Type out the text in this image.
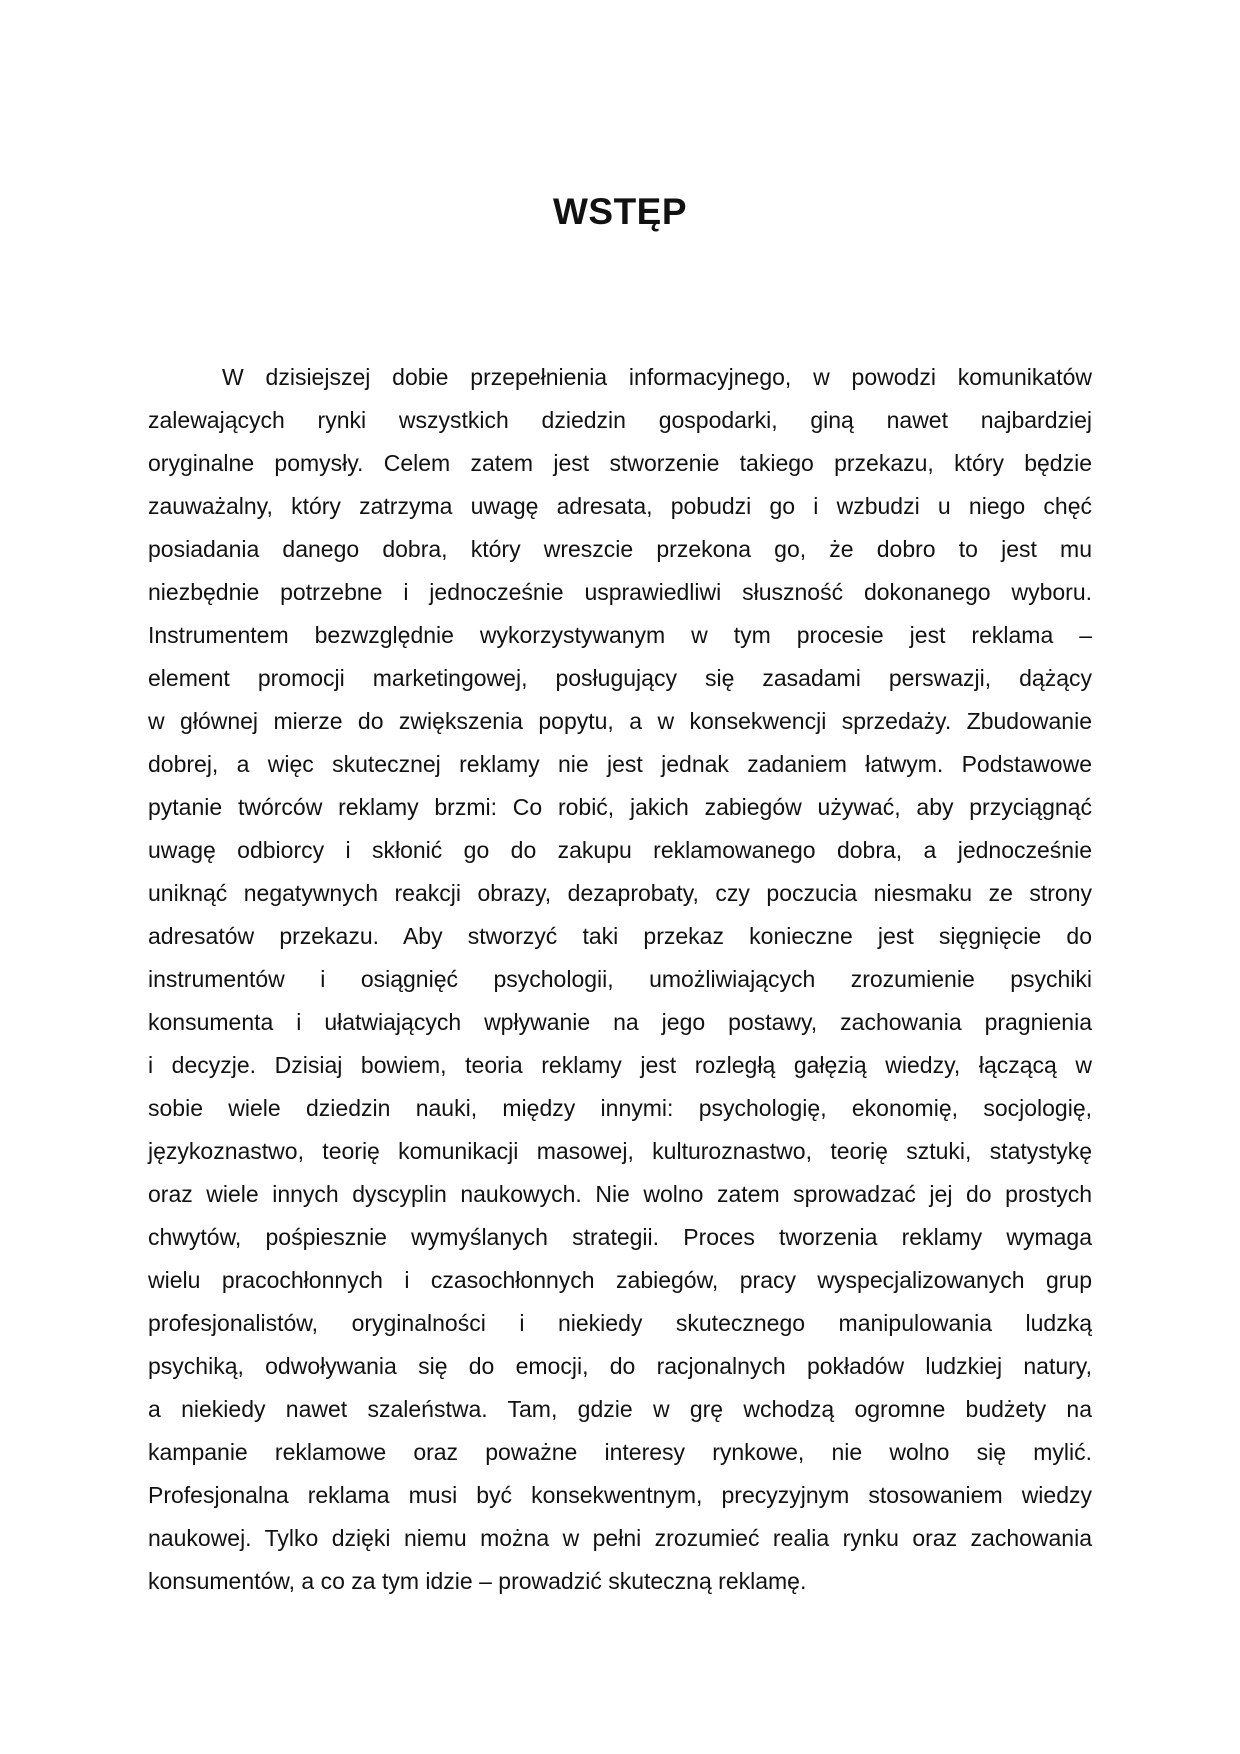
WSTĘP
W dzisiejszej dobie przepełnienia informacyjnego, w powodzi komunikatów
zalewających rynki wszystkich dziedzin gospodarki, giną nawet najbardziej
oryginalne pomysły. Celem zatem jest stworzenie takiego przekazu, który będzie
zauważalny, który zatrzyma uwagę adresata, pobudzi go i wzbudzi u niego chęć
posiadania danego dobra, który wreszcie przekona go, że dobro to jest mu
niezbędnie potrzebne i jednocześnie usprawiedliwi słuszność dokonanego wyboru.
Instrumentem bezwzględnie wykorzystywanym w tym procesie jest reklama –
element promocji marketingowej, posługujący się zasadami perswazji, dążący
w głównej mierze do zwiększenia popytu, a w konsekwencji sprzedaży. Zbudowanie
dobrej, a więc skutecznej reklamy nie jest jednak zadaniem łatwym. Podstawowe
pytanie twórców reklamy brzmi: Co robić, jakich zabiegów używać, aby przyciągnąć
uwagę odbiorcy i skłonić go do zakupu reklamowanego dobra, a jednocześnie
uniknąć negatywnych reakcji obrazy, dezaprobaty, czy poczucia niesmaku ze strony
adresatów przekazu. Aby stworzyć taki przekaz konieczne jest sięgnięcie do
instrumentów i osiągnięć psychologii, umożliwiających zrozumienie psychiki
konsumenta i ułatwiających wpływanie na jego postawy, zachowania pragnienia
i decyzje. Dzisiaj bowiem, teoria reklamy jest rozległą gałęzią wiedzy, łączącą w
sobie wiele dziedzin nauki, między innymi: psychologię, ekonomię, socjologię,
językoznastwo, teorię komunikacji masowej, kulturoznastwo, teorię sztuki, statystykę
oraz wiele innych dyscyplin naukowych. Nie wolno zatem sprowadzać jej do prostych
chwytów, pośpiesznie wymyślanych strategii. Proces tworzenia reklamy wymaga
wielu pracochłonnych i czasochłonnych zabiegów, pracy wyspecjalizowanych grup
profesjonalistów, oryginalności i niekiedy skutecznego manipulowania ludzką
psychiką, odwoływania się do emocji, do racjonalnych pokładów ludzkiej natury,
a niekiedy nawet szaleństwa. Tam, gdzie w grę wchodzą ogromne budżety na
kampanie reklamowe oraz poważne interesy rynkowe, nie wolno się mylić.
Profesjonalna reklama musi być konsekwentnym, precyzyjnym stosowaniem wiedzy
naukowej. Tylko dzięki niemu można w pełni zrozumieć realia rynku oraz zachowania
konsumentów, a co za tym idzie – prowadzić skuteczną reklamę.
